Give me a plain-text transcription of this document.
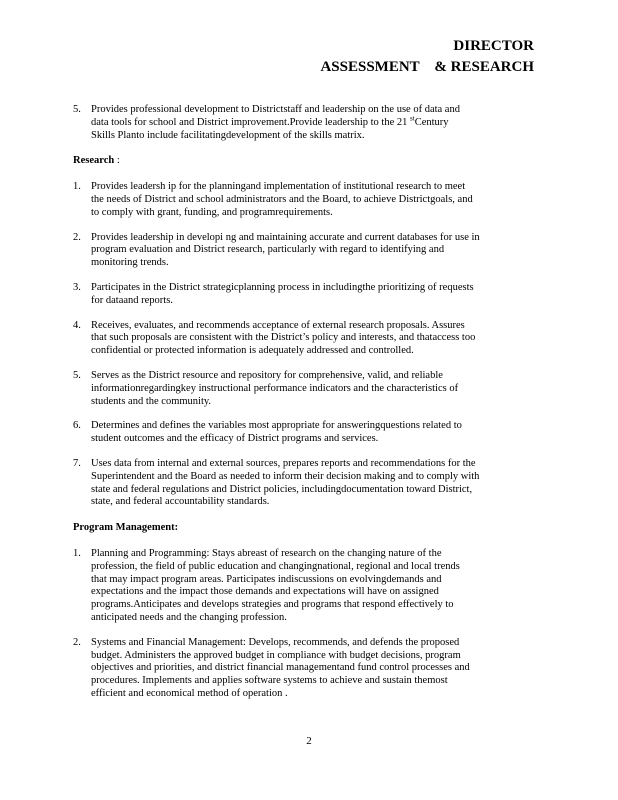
DIRECTOR
ASSESSMENT    & RESEARCH
5. Provides professional development to Districtstaff and leadership on the use of data and
data tools for school and District improvement.Provide leadership to the 21 $^{st}$Century
Skills Planto include facilitatingdevelopment of the skills matrix.
Research :
1. Provides leadersh ip for the planningand implementation of institutional research to meet
the needs of District and school administrators and the Board, to achieve Districtgoals, and
to comply with grant, funding, and programrequirements.
2. Provides leadership in developi ng and maintaining accurate and current databases for use in
program evaluation and District research, particularly with regard to identifying and
monitoring trends.
3. Participates in the District strategicplanning process in includingthe prioritizing of requests
for dataand reports.
4. Receives, evaluates, and recommends acceptance of external research proposals. Assures
that such proposals are consistent with the District’s policy and interests, and thataccess too
confidential or protected information is adequately addressed and controlled.
5. Serves as the District resource and repository for comprehensive, valid, and reliable
informationregardingkey instructional performance indicators and the characteristics of
students and the community.
6. Determines and defines the variables most appropriate for answeringquestions related to
student outcomes and the efficacy of District programs and services.
7. Uses data from internal and external sources, prepares reports and recommendations for the
Superintendent and the Board as needed to inform their decision making and to comply with
state and federal regulations and District policies, includingdocumentation toward District,
state, and federal accountability standards.
Program Management:
1. Planning and Programming: Stays abreast of research on the changing nature of the
profession, the field of public education and changingnational, regional and local trends
that may impact program areas. Participates indiscussions on evolvingdemands and
expectations and the impact those demands and expectations will have on assigned
programs.Anticipates and develops strategies and programs that respond effectively to
anticipated needs and the changing profession.
2. Systems and Financial Management: Develops, recommends, and defends the proposed
budget. Administers the approved budget in compliance with budget decisions, program
objectives and priorities, and district financial managementand fund control processes and
procedures. Implements and applies software systems to achieve and sustain themost
efficient and economical method of operation .
2
